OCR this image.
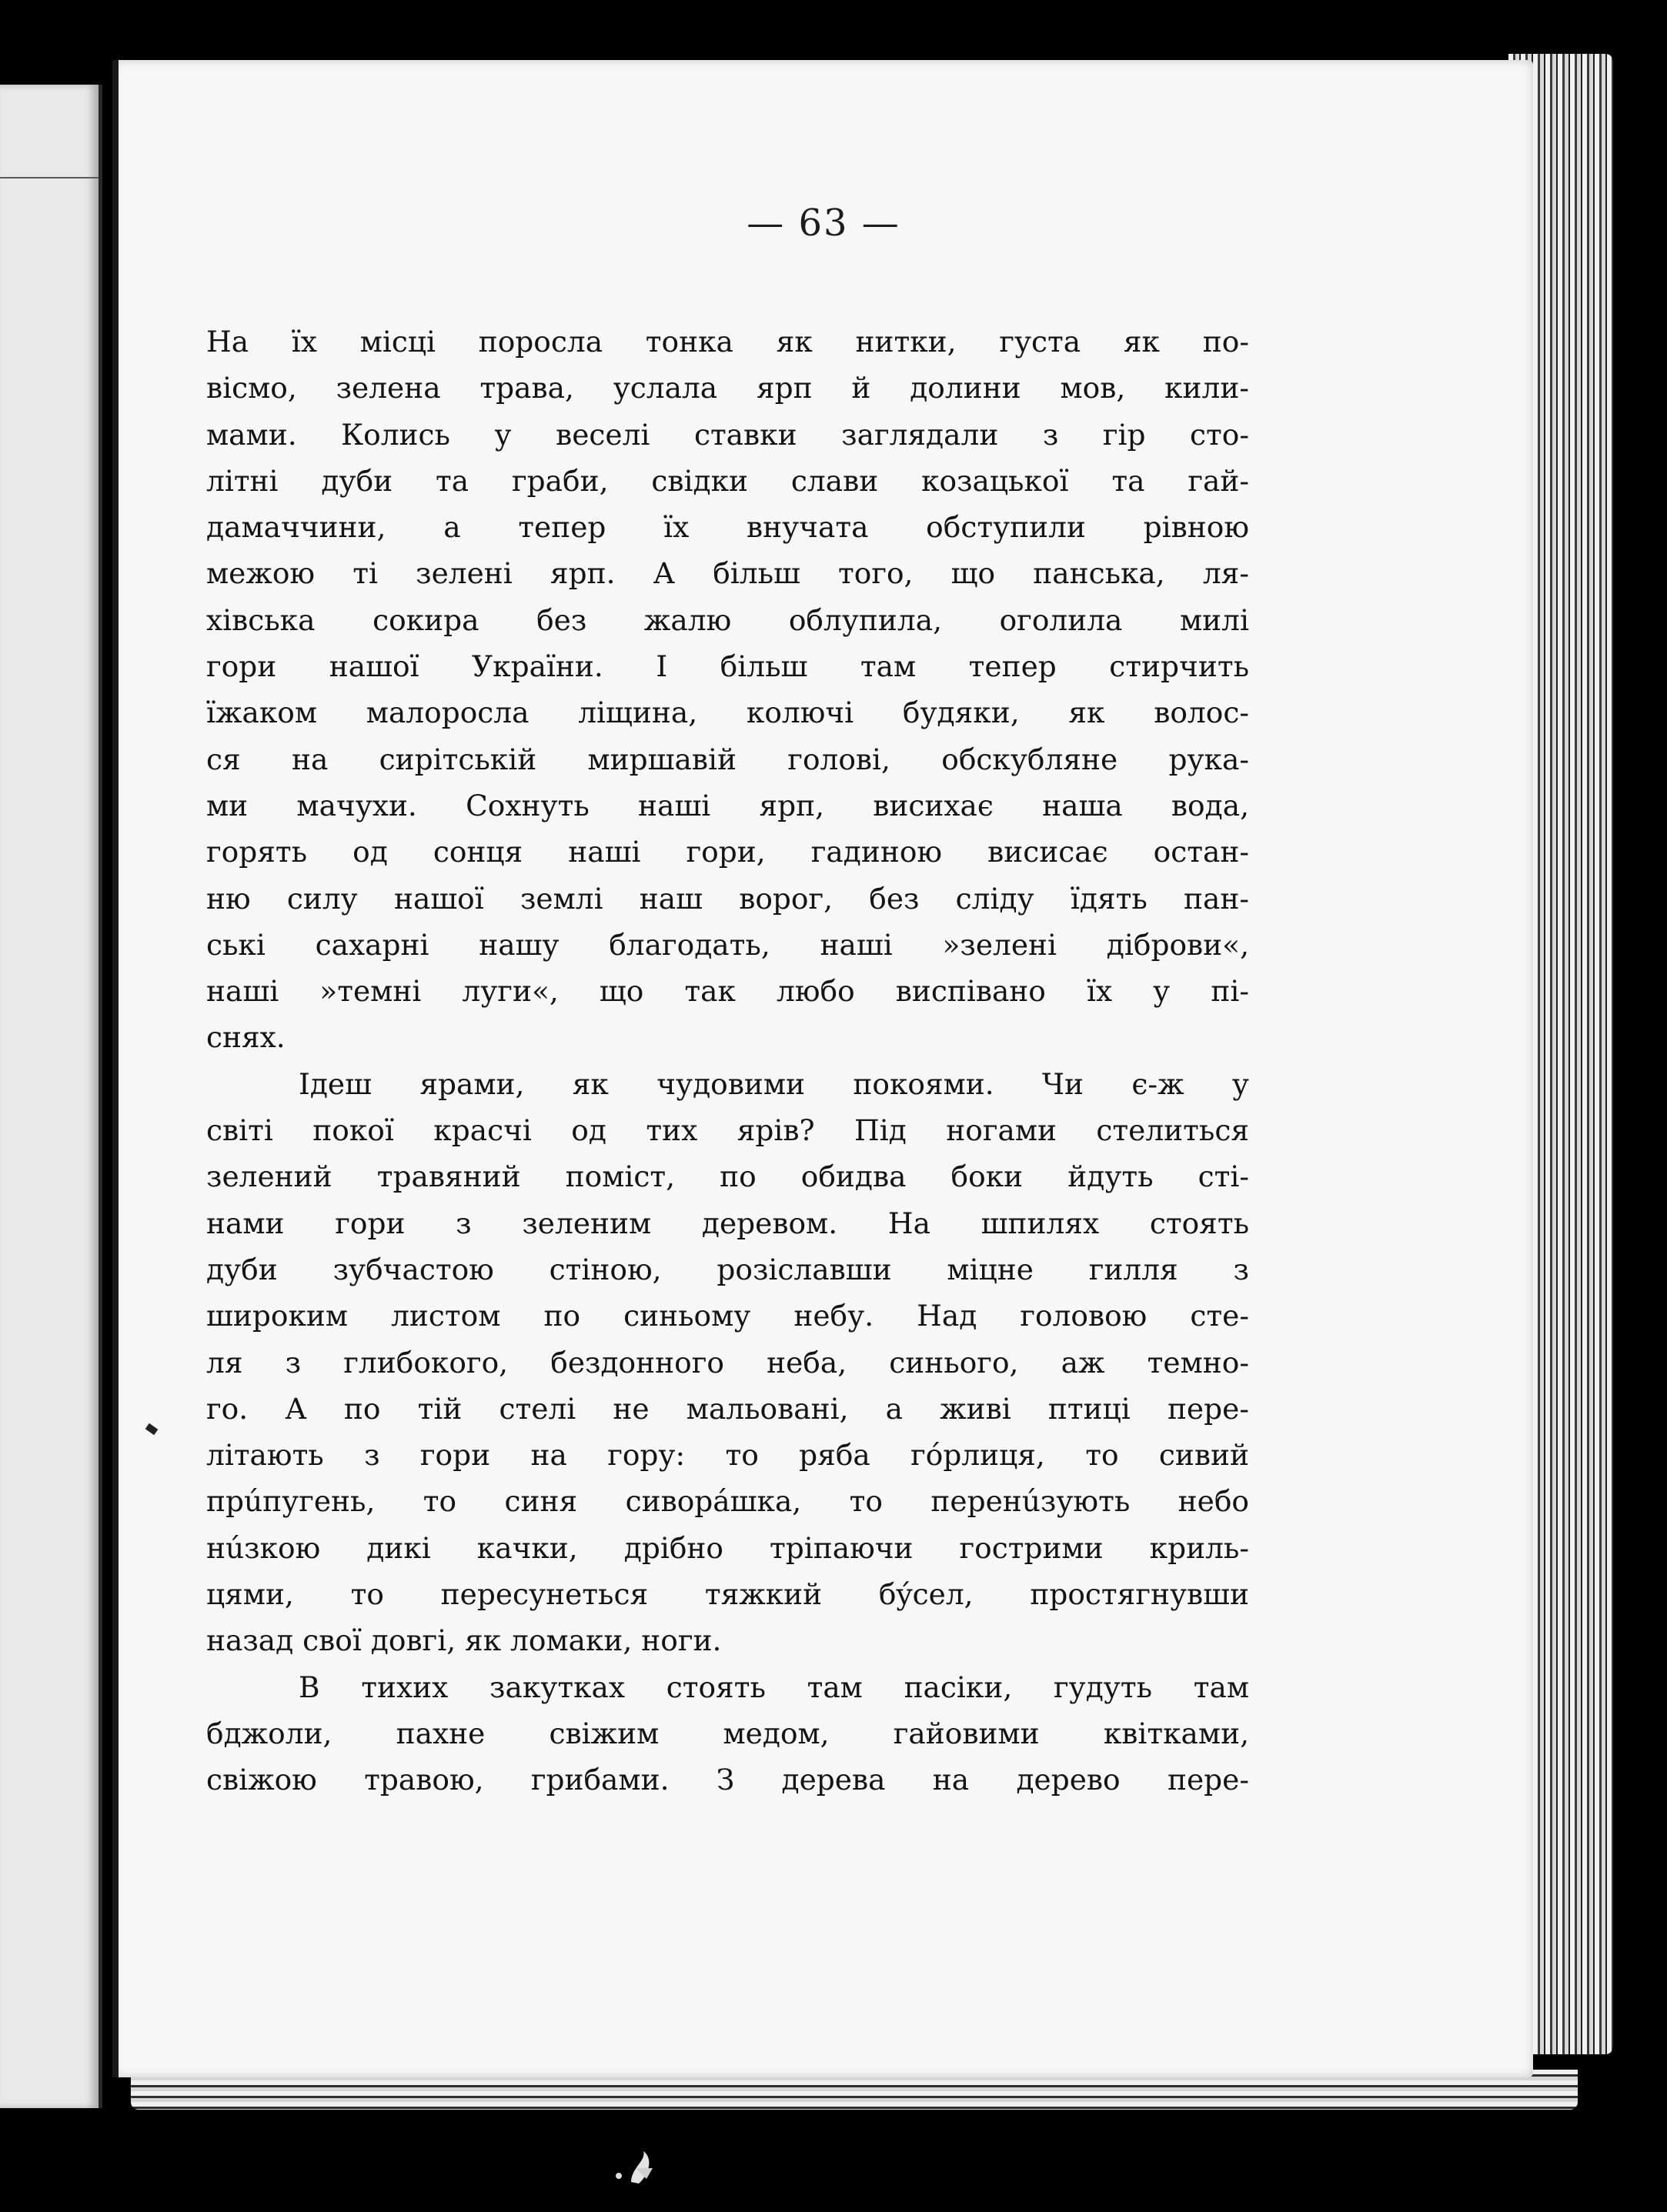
— 63 —
На їх місці поросла тонка як нитки, густа як по-
вісмо, зелена трава, услала ярп й долини мов, кили-
мами. Колись у веселі ставки заглядали з гір сто-
літні дуби та граби, свідки слави козацької та гай-
дамаччини, а тепер їх внучата обступили рівною
межою ті зелені ярп. А більш того, що панська, ля-
хівська сокира без жалю облупила, оголила милі
гори нашої України. І більш там тепер стирчить
їжаком малоросла ліщина, колючі будяки, як волос-
ся на сирітській миршавій голові, обскубляне рука-
ми мачухи. Сохнуть наші ярп, висихає наша вода,
горять од сонця наші гори, гадиною висисає остан-
ню силу нашої землі наш ворог, без сліду їдять пан-
ські сахарні нашу благодать, наші »зелені діброви«,
наші »темні луги«, що так любо виспівано їх у пі-
снях.
Ідеш ярами, як чудовими покоями. Чи є-ж у
світі покої красчі од тих ярів? Під ногами стелиться
зелений травяний поміст, по обидва боки йдуть сті-
нами гори з зеленим деревом. На шпилях стоять
дуби зубчастою стіною, розіславши міцне гилля з
широким листом по синьому небу. Над головою сте-
ля з глибокого, бездонного неба, синього, аж темно-
го. А по тій стелі не мальовані, а живі птиці пере-
літають з гори на гору: то ряба гóрлиця, то сивий
прúпугень, то синя сиворáшка, то перенúзують небо
нúзкою дикі качки, дрібно тріпаючи гострими криль-
цями, то пересунеться тяжкий бýсел, простягнувши
назад свої довгі, як ломаки, ноги.
В тихих закутках стоять там пасіки, гудуть там
бджоли, пахне свіжим медом, гайовими квітками,
свіжою травою, грибами. З дерева на дерево пере-
